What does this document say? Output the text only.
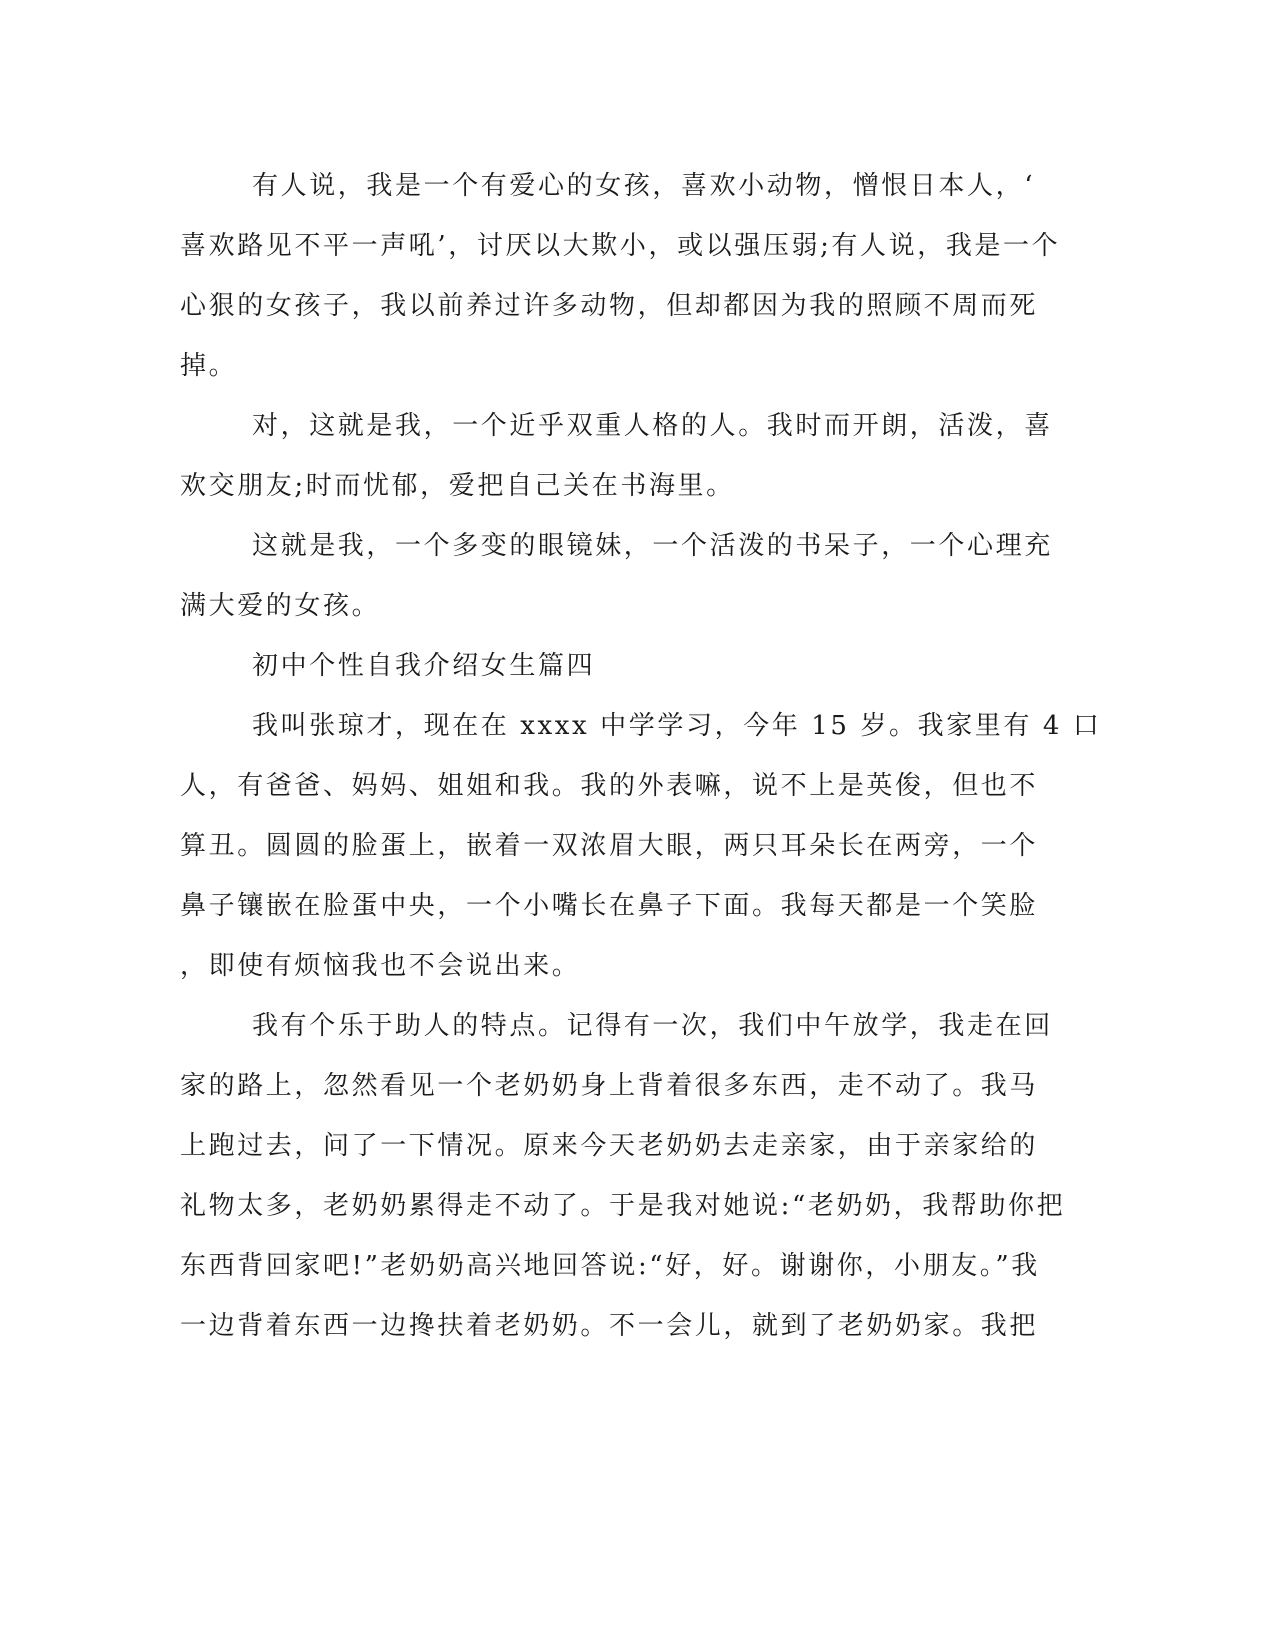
有人说，我是一个有爱心的女孩，喜欢小动物，憎恨日本人，‘
喜欢路见不平一声吼’，讨厌以大欺小，或以强压弱;有人说，我是一个
心狠的女孩子，我以前养过许多动物，但却都因为我的照顾不周而死
掉。
对，这就是我，一个近乎双重人格的人。我时而开朗，活泼，喜
欢交朋友;时而忧郁，爱把自己关在书海里。
这就是我，一个多变的眼镜妹，一个活泼的书呆子，一个心理充
满大爱的女孩。
初中个性自我介绍女生篇四
我叫张琼才，现在在 xxxx 中学学习，今年 15 岁。我家里有 4 口
人，有爸爸、妈妈、姐姐和我。我的外表嘛，说不上是英俊，但也不
算丑。圆圆的脸蛋上，嵌着一双浓眉大眼，两只耳朵长在两旁，一个
鼻子镶嵌在脸蛋中央，一个小嘴长在鼻子下面。我每天都是一个笑脸
，即使有烦恼我也不会说出来。
我有个乐于助人的特点。记得有一次，我们中午放学，我走在回
家的路上，忽然看见一个老奶奶身上背着很多东西，走不动了。我马
上跑过去，问了一下情况。原来今天老奶奶去走亲家，由于亲家给的
礼物太多，老奶奶累得走不动了。于是我对她说:“老奶奶，我帮助你把
东西背回家吧!”老奶奶高兴地回答说:“好，好。谢谢你，小朋友。”我
一边背着东西一边搀扶着老奶奶。不一会儿，就到了老奶奶家。我把
